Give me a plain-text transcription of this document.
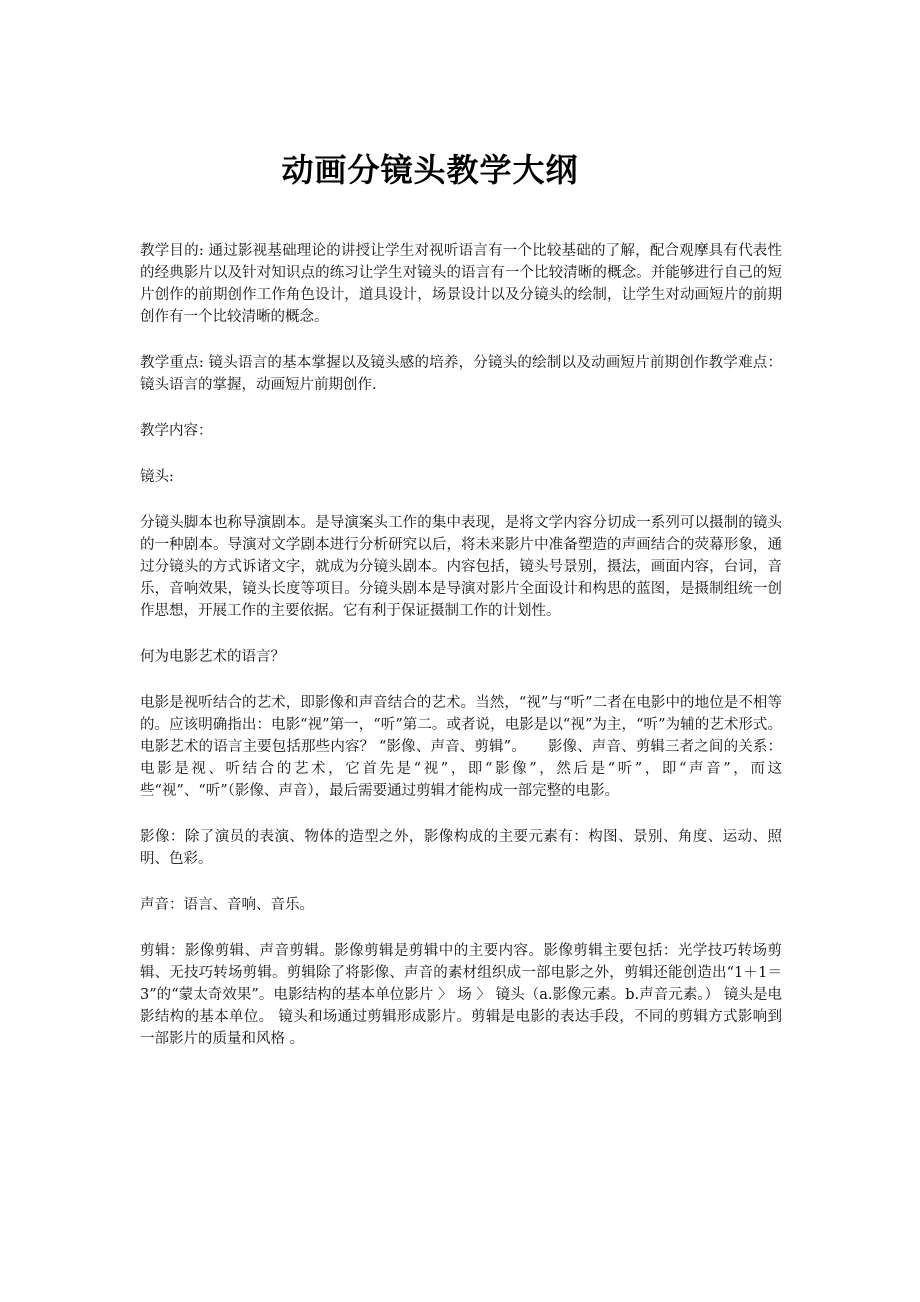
动画分镜头教学大纲

教学目的: 通过影视基础理论的讲授让学生对视听语言有一个比较基础的了解，配合观摩具有代表性的经典影片以及针对知识点的练习让学生对镜头的语言有一个比较清晰的概念。并能够进行自己的短片创作的前期创作工作角色设计，道具设计，场景设计以及分镜头的绘制，让学生对动画短片的前期创作有一个比较清晰的概念。

教学重点: 镜头语言的基本掌握以及镜头感的培养，分镜头的绘制以及动画短片前期创作教学难点：镜头语言的掌握，动画短片前期创作.

教学内容：

镜头:

分镜头脚本也称导演剧本。是导演案头工作的集中表现，是将文学内容分切成一系列可以摄制的镜头的一种剧本。导演对文学剧本进行分析研究以后，将未来影片中准备塑造的声画结合的荧幕形象，通过分镜头的方式诉诸文字，就成为分镜头剧本。内容包括，镜头号景别，摄法，画面内容，台词，音乐，音响效果，镜头长度等项目。分镜头剧本是导演对影片全面设计和构思的蓝图，是摄制组统一创作思想，开展工作的主要依据。它有利于保证摄制工作的计划性。

何为电影艺术的语言？

电影是视听结合的艺术，即影像和声音结合的艺术。当然，“视”与“听”二者在电影中的地位是不相等的。应该明确指出：电影“视”第一，“听”第二。或者说，电影是以“视”为主，“听”为辅的艺术形式。电影艺术的语言主要包括那些内容？ “影像、声音、剪辑”。　　影像、声音、剪辑三者之间的关系：电影是视、听结合的艺术，它首先是“视”，即“影像”，然后是“听”，即“声音”，而这些“视”、“听”（影像、声音），最后需要通过剪辑才能构成一部完整的电影。

影像：除了演员的表演、物体的造型之外，影像构成的主要元素有：构图、景别、角度、运动、照明、色彩。

声音：语言、音响、音乐。

剪辑：影像剪辑、声音剪辑。影像剪辑是剪辑中的主要内容。影像剪辑主要包括：光学技巧转场剪辑、无技巧转场剪辑。剪辑除了将影像、声音的素材组织成一部电影之外，剪辑还能创造出“1＋1＝3”的“蒙太奇效果”。电影结构的基本单位影片 〉 场 〉 镜头（a.影像元素。b.声音元素。） 镜头是电影结构的基本单位。 镜头和场通过剪辑形成影片。剪辑是电影的表达手段，不同的剪辑方式影响到一部影片的质量和风格 。
